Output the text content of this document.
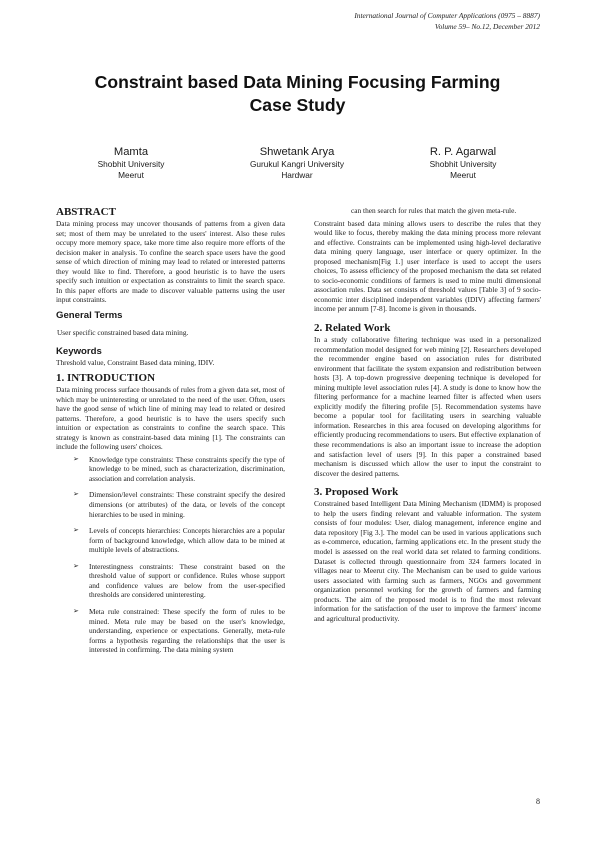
International Journal of Computer Applications (0975 – 8887)
Volume 59– No.12, December 2012
Constraint based Data Mining Focusing Farming
Case Study
Mamta
Shobhit University
Meerut
Shwetank Arya
Gurukul Kangri University
Hardwar
R. P. Agarwal
Shobhit University
Meerut
ABSTRACT

Data mining process may uncover thousands of patterns from a given data set; most of them may be unrelated to the users' interest. Also these rules occupy more memory space, take more time also require more efforts of the decision maker in analysis. To confine the search space users have the good sense of which direction of mining may lead to related or interested patterns they would like to find. Therefore, a good heuristic is to have the users specify such intuition or expectation as constraints to limit the search space. In this paper efforts are made to discover valuable patterns using the user input constraints.

General Terms

User specific constrained based data mining.

Keywords

Threshold value, Constraint Based data mining, IDIV.

1. INTRODUCTION

Data mining process surface thousands of rules from a given data set, most of which may be uninteresting or unrelated to the need of the user. Often, users have the good sense of which line of mining may lead to related or desired patterns. Therefore, a good heuristic is to have the users specify such intuition or expectation as constraints to confine the search space. This strategy is known as constraint-based data mining [1]. The constraints can include the following users' choices.

➢ Knowledge type constraints: These constraints specify the type of knowledge to be mined, such as characterization, discrimination, association and correlation analysis.

➢ Dimension/level constraints: These constraint specify the desired dimensions (or attributes) of the data, or levels of the concept hierarchies to be used in mining.

➢ Levels of concepts hierarchies: Concepts hierarchies are a popular form of background knowledge, which allow data to be mined at multiple levels of abstractions.

➢ Interestingness constraints: These constraint based on the threshold value of support or confidence. Rules whose support and confidence values are below from the user-specified thresholds are considered uninteresting.

➢ Meta rule constrained: These specify the form of rules to be mined. Meta rule may be based on the user's knowledge, understanding, experience or expectations. Generally, meta-rule forms a hypothesis regarding the relationships that the user is interested in confirming. The data mining system

can then search for rules that match the given meta-rule.

Constraint based data mining allows users to describe the rules that they would like to focus, thereby making the data mining process more relevant and effective. Constraints can be implemented using high-level declarative data mining query language, user interface or query optimizer. In the proposed mechanism[Fig 1.] user interface is used to accept the users choices, To assess efficiency of the proposed mechanism the data set related to socio-economic conditions of farmers is used to mine multi dimensional association rules. Data set consists of threshold values [Table 3] of 9 socio-economic inter disciplined independent variables (IDIV) affecting farmers' income per annum [7-8]. Income is given in thousands.

2. Related Work

In a study collaborative filtering technique was used in a personalized recommendation model designed for web mining [2]. Researchers developed the recommender engine based on association rules for distributed environment that facilitate the system expansion and redistribution between hosts [3]. A top-down progressive deepening technique is developed for mining multiple level association rules [4]. A study is done to know how the filtering performance for a machine learned filter is affected when users explicitly modify the filtering profile [5]. Recommendation systems have become a popular tool for facilitating users in searching valuable information. Researches in this area focused on developing algorithms for efficiently producing recommendations to users. But effective explanation of these recommendations is also an important issue to increase the adoption and satisfaction level of users [9]. In this paper a constrained based mechanism is discussed which allow the user to input the constraint to discover the desired patterns.

3. Proposed Work

Constrained based Intelligent Data Mining Mechanism (IDMM) is proposed to help the users finding relevant and valuable information. The system consists of four modules: User, dialog management, inference engine and data repository [Fig 3.]. The model can be used in various applications such as e-commerce, education, farming applications etc. In the present study the model is assessed on the real world data set related to farming conditions. Dataset is collected through questionnaire from 324 farmers located in villages near to Meerut city. The Mechanism can be used to guide various users associated with farming such as farmers, NGOs and government organization personnel working for the growth of farmers and farming products. The aim of the proposed model is to find the most relevant information for the satisfaction of the user to improve the farmers' income and agricultural productivity.

8
